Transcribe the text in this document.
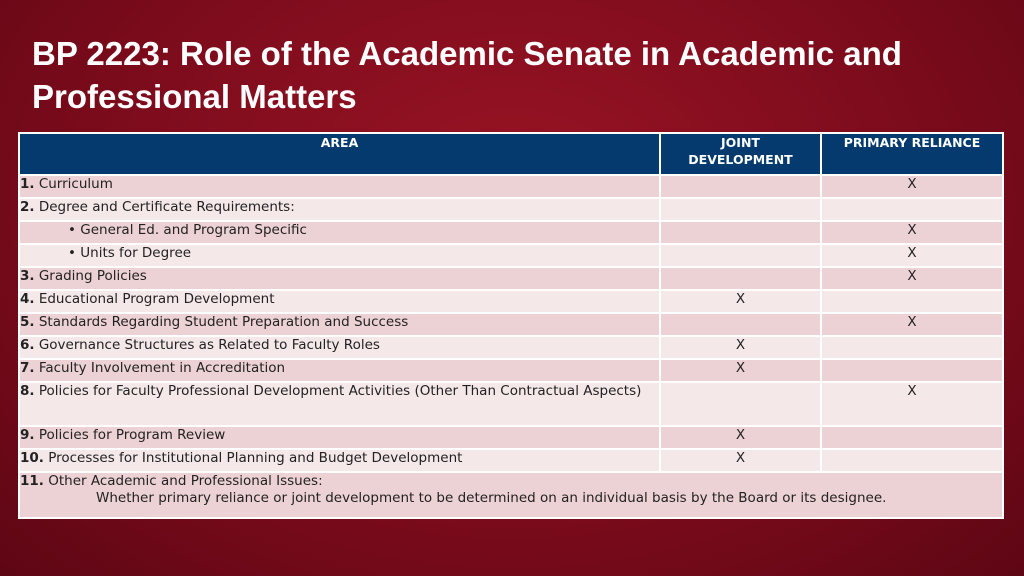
BP 2223: Role of the Academic Senate in Academic and Professional Matters
AREA	JOINT DEVELOPMENT	PRIMARY RELIANCE
1. Curriculum		X
2. Degree and Certificate Requirements:		
• General Ed. and Program Specific		X
• Units for Degree		X
3. Grading Policies		X
4. Educational Program Development	X	
5. Standards Regarding Student Preparation and Success		X
6. Governance Structures as Related to Faculty Roles	X	
7. Faculty Involvement in Accreditation	X	
8. Policies for Faculty Professional Development Activities (Other Than Contractual Aspects)		X
9. Policies for Program Review	X	
10. Processes for Institutional Planning and Budget Development	X	
11. Other Academic and Professional Issues:
Whether primary reliance or joint development to be determined on an individual basis by the Board or its designee.		
